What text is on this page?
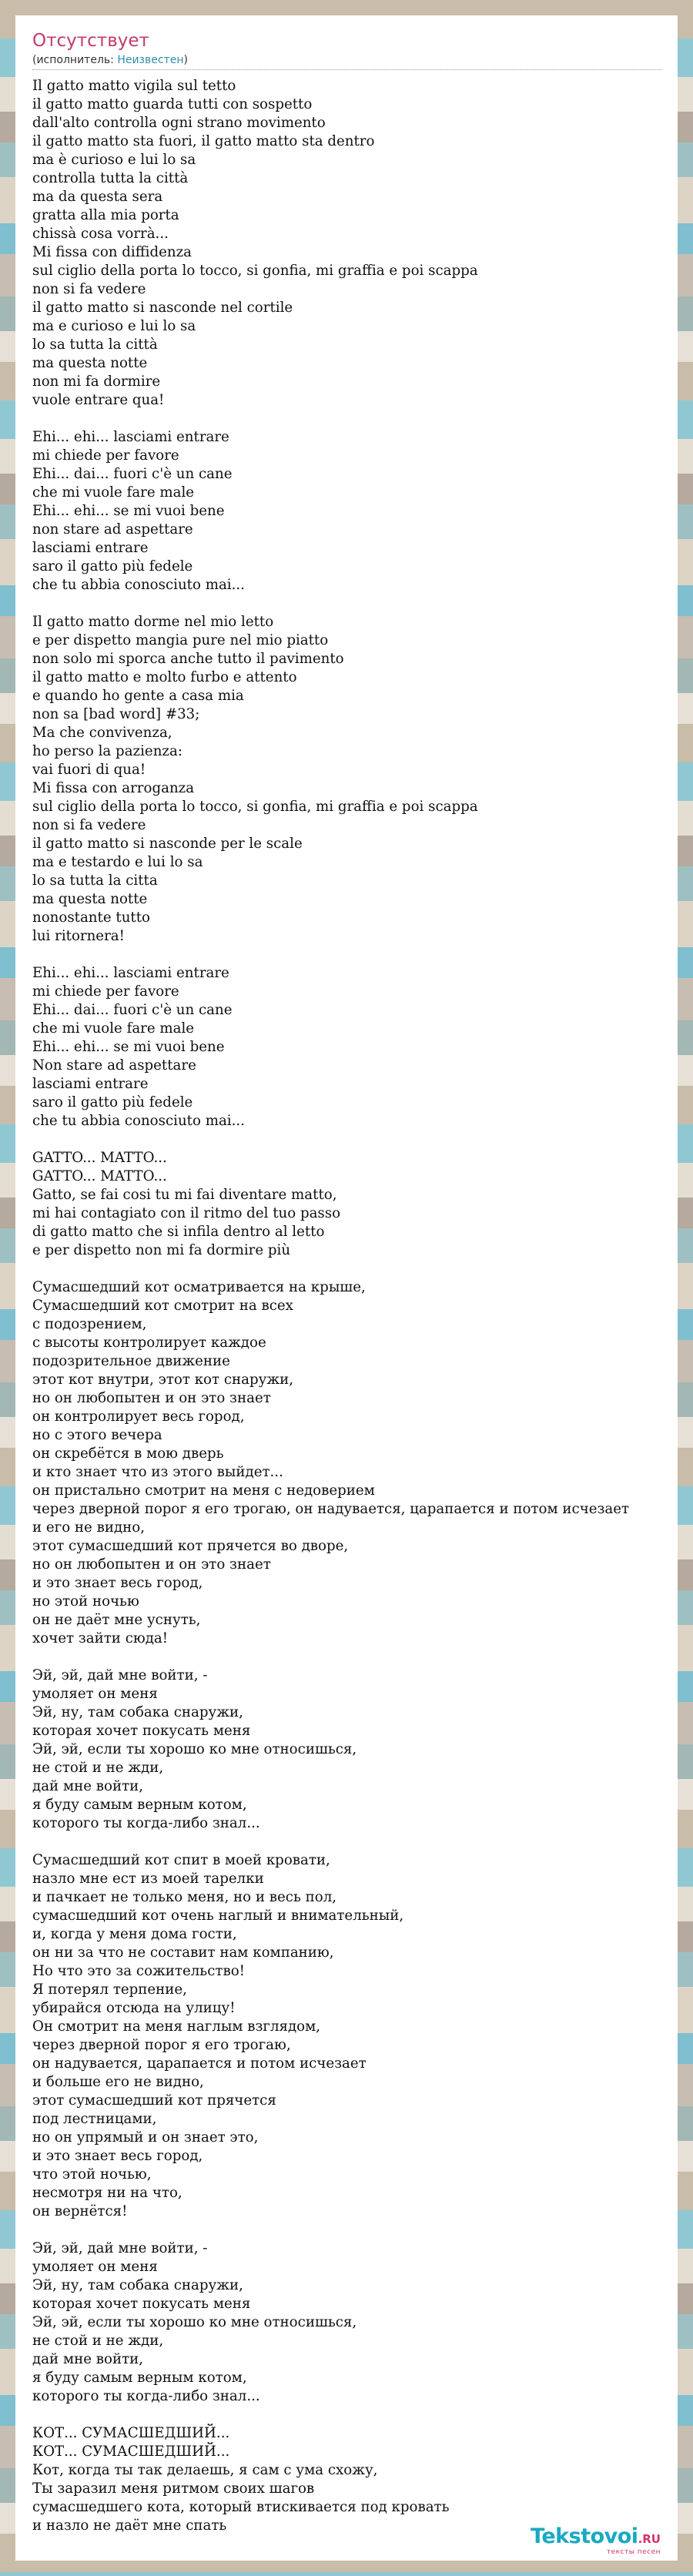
Отсутствует
(исполнитель: Неизвестен)
Il gatto matto vigila sul tetto
il gatto matto guarda tutti con sospetto
dall'alto controlla ogni strano movimento
il gatto matto sta fuori, il gatto matto sta dentro
ma è curioso e lui lo sa
controlla tutta la città
ma da questa sera
gratta alla mia porta
chissà cosa vorrà...
Mi fissa con diffidenza
sul ciglio della porta lo tocco, si gonfia, mi graffia e poi scappa
non si fa vedere
il gatto matto si nasconde nel cortile
ma e curioso e lui lo sa
lo sa tutta la città
ma questa notte
non mi fa dormire
vuole entrare qua!
Ehi... ehi... lasciami entrare
mi chiede per favore
Ehi... dai... fuori c'è un cane
che mi vuole fare male
Ehi... ehi... se mi vuoi bene
non stare ad aspettare
lasciami entrare
saro il gatto più fedele
che tu abbia conosciuto mai...
Il gatto matto dorme nel mio letto
e per dispetto mangia pure nel mio piatto
non solo mi sporca anche tutto il pavimento
il gatto matto e molto furbo e attento
e quando ho gente a casa mia
non sa [bad word] #33;
Ma che convivenza,
ho perso la pazienza:
vai fuori di qua!
Mi fissa con arroganza
sul ciglio della porta lo tocco, si gonfia, mi graffia e poi scappa
non si fa vedere
il gatto matto si nasconde per le scale
ma e testardo e lui lo sa
lo sa tutta la citta
ma questa notte
nonostante tutto
lui ritornera!
Ehi... ehi... lasciami entrare
mi chiede per favore
Ehi... dai... fuori c'è un cane
che mi vuole fare male
Ehi... ehi... se mi vuoi bene
Non stare ad aspettare
lasciami entrare
saro il gatto più fedele
che tu abbia conosciuto mai...
GATTO... MATTO...
GATTO... MATTO...
Gatto, se fai cosi tu mi fai diventare matto,
mi hai contagiato con il ritmo del tuo passo
di gatto matto che si infila dentro al letto
e per dispetto non mi fa dormire più
Сумасшедший кот осматривается на крыше,
Сумасшедший кот смотрит на всех
с подозрением,
с высоты контролирует каждое
подозрительное движение
этот кот внутри, этот кот снаружи,
но он любопытен и он это знает
он контролирует весь город,
но с этого вечера
он скребётся в мою дверь
и кто знает что из этого выйдет...
он пристально смотрит на меня с недоверием
через дверной порог я его трогаю, он надувается, царапается и потом исчезает
и его не видно,
этот сумасшедший кот прячется во дворе,
но он любопытен и он это знает
и это знает весь город,
но этой ночью
он не даёт мне уснуть,
хочет зайти сюда!
Эй, эй, дай мне войти, -
умоляет он меня
Эй, ну, там собака снаружи,
которая хочет покусать меня
Эй, эй, если ты хорошо ко мне относишься,
не стой и не жди,
дай мне войти,
я буду самым верным котом,
которого ты когда-либо знал...
Сумасшедший кот спит в моей кровати,
назло мне ест из моей тарелки
и пачкает не только меня, но и весь пол,
сумасшедший кот очень наглый и внимательный,
и, когда у меня дома гости,
он ни за что не составит нам компанию,
Но что это за сожительство!
Я потерял терпение,
убирайся отсюда на улицу!
Он смотрит на меня наглым взглядом,
через дверной порог я его трогаю,
он надувается, царапается и потом исчезает
и больше его не видно,
этот сумасшедший кот прячется
под лестницами,
но он упрямый и он знает это,
и это знает весь город,
что этой ночью,
несмотря ни на что,
он вернётся!
Эй, эй, дай мне войти, -
умоляет он меня
Эй, ну, там собака снаружи,
которая хочет покусать меня
Эй, эй, если ты хорошо ко мне относишься,
не стой и не жди,
дай мне войти,
я буду самым верным котом,
которого ты когда-либо знал...
КОТ... СУМАСШЕДШИЙ...
КОТ... СУМАСШЕДШИЙ...
Кот, когда ты так делаешь, я сам с ума схожу,
Ты заразил меня ритмом своих шагов
сумасшедшего кота, который втискивается под кровать
и назло не даёт мне спать	Tekstovoi.RU
тексты песен
